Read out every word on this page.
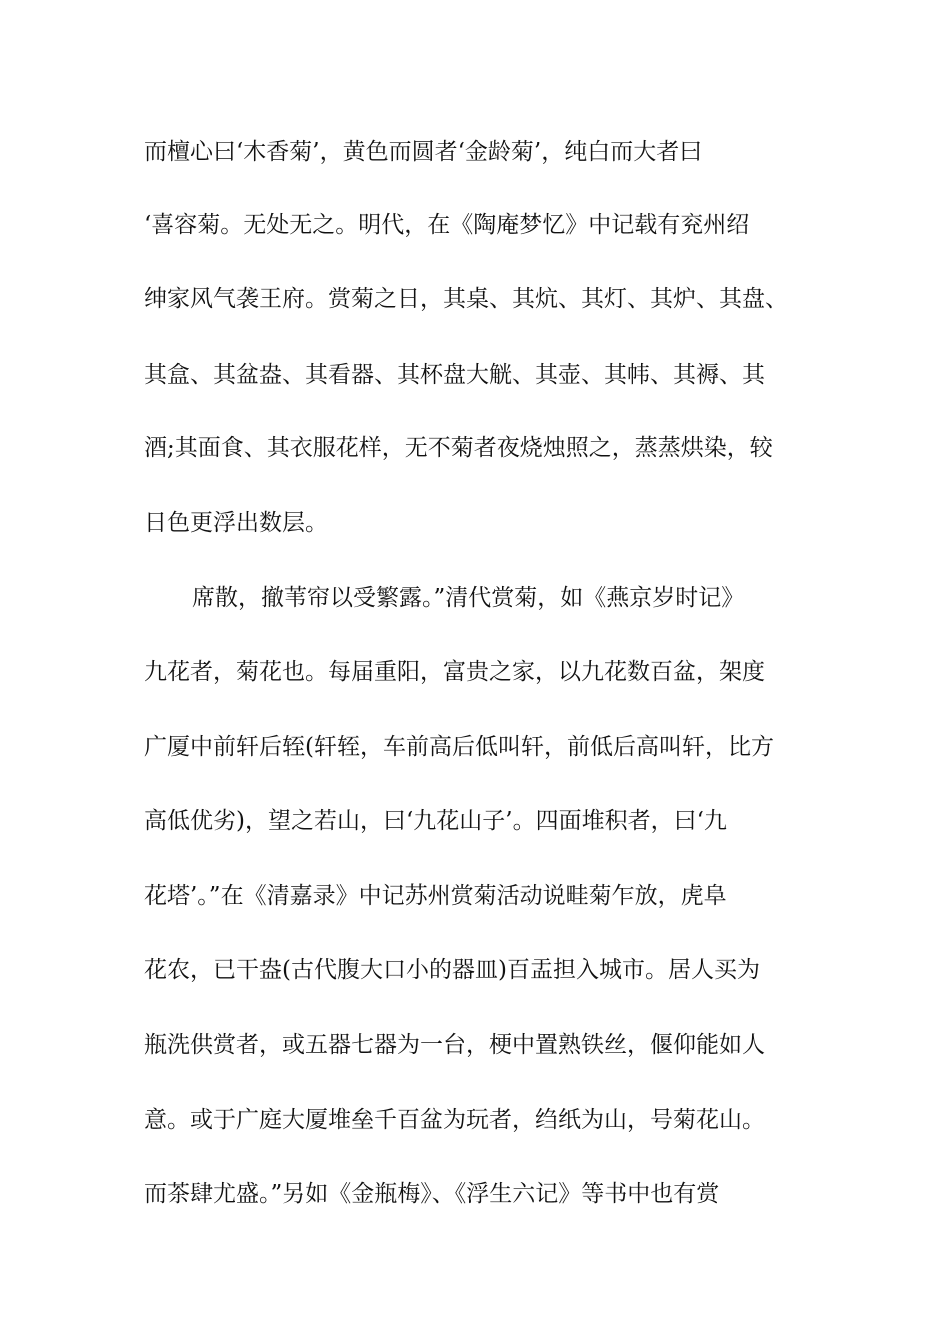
而檀心曰‘木香菊’，黄色而圆者‘金龄菊’，纯白而大者曰
‘喜容菊。无处无之。明代，在《陶庵梦忆》中记载有兖州绍
绅家风气袭王府。赏菊之日，其桌、其炕、其灯、其炉、其盘、
其盒、其盆盎、其看器、其杯盘大觥、其壶、其帏、其褥、其
酒;其面食、其衣服花样，无不菊者夜烧烛照之，蒸蒸烘染，较
日色更浮出数层。
席散，撤苇帘以受繁露。”清代赏菊，如《燕京岁时记》
九花者，菊花也。每届重阳，富贵之家，以九花数百盆，架度
广厦中前轩后轾(轩轾，车前高后低叫轩，前低后高叫轩，比方
高低优劣)，望之若山，曰‘九花山子’。四面堆积者，曰‘九
花塔’。”在《清嘉录》中记苏州赏菊活动说畦菊乍放，虎阜
花农，已干盎(古代腹大口小的器皿)百盂担入城市。居人买为
瓶洗供赏者，或五器七器为一台，梗中置熟铁丝，偃仰能如人
意。或于广庭大厦堆垒千百盆为玩者，绉纸为山，号菊花山。
而茶肆尤盛。”另如《金瓶梅》、《浮生六记》等书中也有赏
